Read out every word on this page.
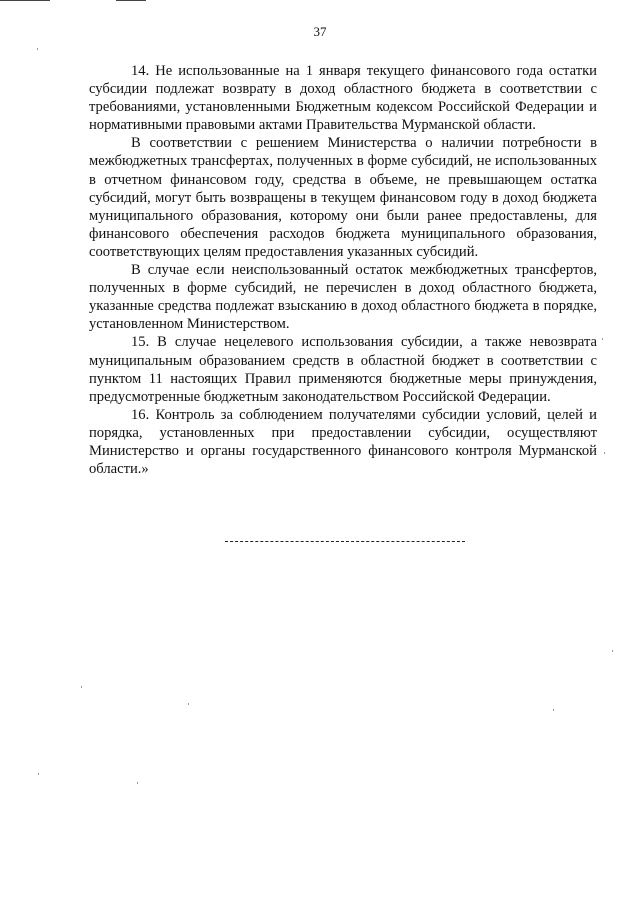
37

14. Не использованные на 1 января текущего финансового года остатки субсидии подлежат возврату в доход областного бюджета в соответствии с требованиями, установленными Бюджетным кодексом Российской Федерации и нормативными правовыми актами Правительства Мурманской области.

В соответствии с решением Министерства о наличии потребности в межбюджетных трансфертах, полученных в форме субсидий, не использованных в отчетном финансовом году, средства в объеме, не превышающем остатка субсидий, могут быть возвращены в текущем финансовом году в доход бюджета муниципального образования, которому они были ранее предоставлены, для финансового обеспечения расходов бюджета муниципального образования, соответствующих целям предоставления указанных субсидий.

В случае если неиспользованный остаток межбюджетных трансфертов, полученных в форме субсидий, не перечислен в доход областного бюджета, указанные средства подлежат взысканию в доход областного бюджета в порядке, установленном Министерством.

15. В случае нецелевого использования субсидии, а также невозврата муниципальным образованием средств в областной бюджет в соответствии с пунктом 11 настоящих Правил применяются бюджетные меры принуждения, предусмотренные бюджетным законодательством Российской Федерации.

16. Контроль за соблюдением получателями субсидии условий, целей и порядка, установленных при предоставлении субсидии, осуществляют Министерство и органы государственного финансового контроля Мурманской области.»
